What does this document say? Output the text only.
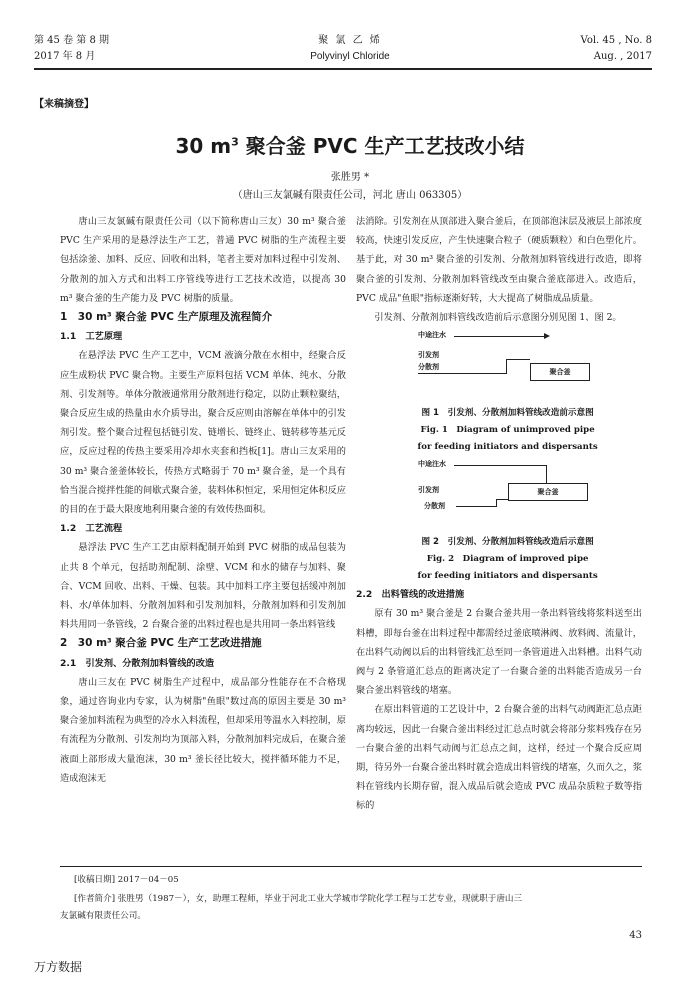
第 45 卷 第 8 期
2017 年 8 月
聚 氯 乙 烯
Polyvinyl Chloride
Vol. 45 , No. 8
Aug. , 2017
【来稿摘登】
30 $m^3$ 聚合釜 PVC 生产工艺技改小结
张胜男 *
（唐山三友氯碱有限责任公司，河北 唐山 063305）

唐山三友氯碱有限责任公司（以下简称唐山三友）30 m³ 聚合釜 PVC 生产采用的是悬浮法生产工艺，普通 PVC 树脂的生产流程主要包括涂釜、加料、反应、回收和出料，笔者主要对加料过程中引发剂、分散剂的加入方式和出料工序管线等进行工艺技术改造，以提高 30 m³ 聚合釜的生产能力及 PVC 树脂的质量。

1　30 m³ 聚合釜 PVC 生产原理及流程简介

1.1　工艺原理

在悬浮法 PVC 生产工艺中，VCM 液滴分散在水相中，经聚合反应生成粉状 PVC 聚合物。主要生产原料包括 VCM 单体、纯水、分散剂、引发剂等。单体分散液通常用分散剂进行稳定，以防止颗粒聚结，聚合反应生成的热量由水介质导出，聚合反应则由溶解在单体中的引发剂引发。整个聚合过程包括链引发、链增长、链终止、链转移等基元反应，反应过程的传热主要采用冷却水夹套和挡板[1]。唐山三友采用的 30 m³ 聚合釜釜体较长，传热方式略弱于 70 m³ 聚合釜，是一个具有恰当混合搅拌性能的间歇式聚合釜，装料体积恒定，采用恒定体积反应的目的在于最大限度地利用聚合釜的有效传热面积。

1.2　工艺流程

悬浮法 PVC 生产工艺由原料配制开始到 PVC 树脂的成品包装为止共 8 个单元，包括助剂配制、涂壁、VCM 和水的储存与加料、聚合、VCM 回收、出料、干燥、包装。其中加料工序主要包括缓冲剂加料、水/单体加料、分散剂加料和引发剂加料，分散剂加料和引发剂加料共用同一条管线，2 台聚合釜的出料过程也是共用同一条出料管线

2　30 m³ 聚合釜 PVC 生产工艺改进措施

2.1　引发剂、分散剂加料管线的改造

唐山三友在 PVC 树脂生产过程中，成品部分性能存在不合格现象，通过咨询业内专家，认为树脂"鱼眼"数过高的原因主要是 30 m³ 聚合釜加料流程为典型的冷水入料流程，但却采用等温水入料控制，原有流程为分散剂、引发剂均为顶部入料，分散剂加料完成后，在聚合釜液面上部形成大量泡沫，30 m³ 釜长径比较大，搅拌循环能力不足，造成泡沫无

法消除。引发剂在从顶部进入聚合釜后，在顶部泡沫层及液层上部浓度较高，快速引发反应，产生快速聚合粒子（硬质颗粒）和白色塑化片。基于此，对 30 m³ 聚合釜的引发剂、分散剂加料管线进行改造，即将聚合釜的引发剂、分散剂加料管线改至由聚合釜底部进入。改造后，PVC 成品"鱼眼"指标逐渐好转，大大提高了树脂成品质量。

引发剂、分散剂加料管线改造前后示意图分别见图 1、图 2。

中途注水
引发剂
分散剂
聚合釜

图 1　引发剂、分散剂加料管线改造前示意图

Fig. 1　Diagram of unimproved pipe

for feeding initiators and dispersants

中途注水
聚合釜
引发剂
分散剂

图 2　引发剂、分散剂加料管线改造后示意图

Fig. 2　Diagram of improved pipe

for feeding initiators and dispersants

2.2　出料管线的改进措施

原有 30 m³ 聚合釜是 2 台聚合釜共用一条出料管线将浆料送至出料槽，即每台釜在出料过程中都需经过釜底喷淋阀、放料阀、流量计，在出料气动阀以后的出料管线汇总至同一条管道进入出料槽。出料气动阀与 2 条管道汇总点的距离决定了一台聚合釜的出料能否造成另一台聚合釜出料管线的堵塞。

在原出料管道的工艺设计中，2 台聚合釜的出料气动阀距汇总点距离均较远，因此一台聚合釜出料经过汇总点时就会将部分浆料残存在另一台聚合釜的出料气动阀与汇总点之间，这样，经过一个聚合反应周期，待另外一台聚合釜出料时就会造成出料管线的堵塞，久而久之，浆料在管线内长期存留，混入成品后就会造成 PVC 成品杂质粒子数等指标的

[收稿日期] 2017－04－05
[作者简介] 张胜男（1987－），女，助理工程师，毕业于河北工业大学城市学院化学工程与工艺专业，现就职于唐山三
友氯碱有限责任公司。
43
万方数据
